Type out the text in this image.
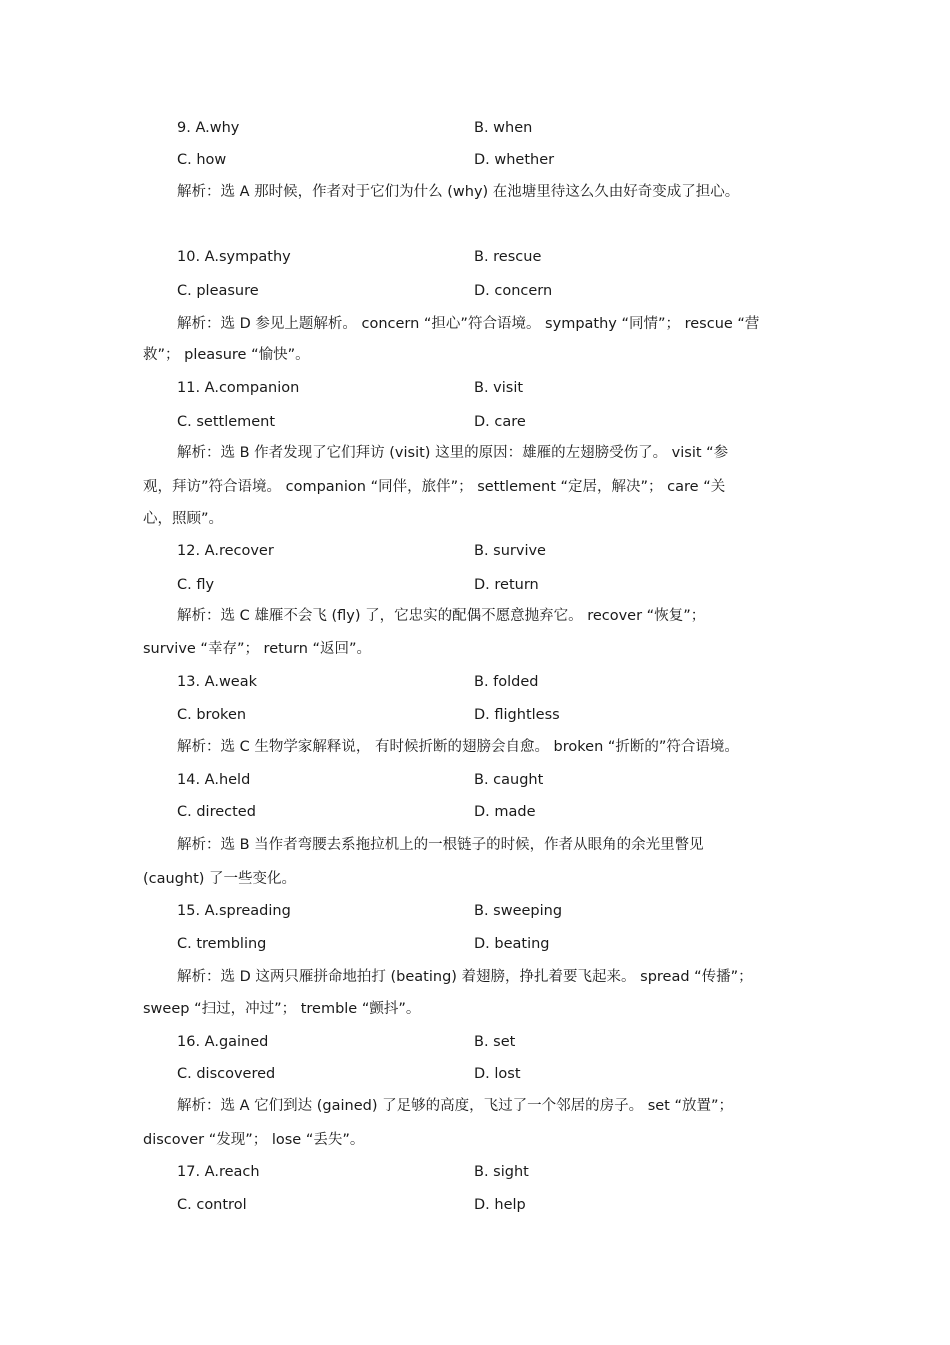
9. A.why	B. when
C. how	D. whether
解析：选 A 那时候，作者对于它们为什么 (why) 在池塘里待这么久由好奇变成了担心。
10. A.sympathy	B. rescue
C. pleasure	D. concern
解析：选 D 参见上题解析。 concern “担心”符合语境。 sympathy “同情”； rescue “营
救”； pleasure “愉快”。
11. A.companion	B. visit
C. settlement	D. care
解析：选 B 作者发现了它们拜访 (visit) 这里的原因：雄雁的左翅膀受伤了。 visit “参
观，拜访”符合语境。 companion “同伴，旅伴”； settlement “定居，解决”； care “关
心，照顾”。
12. A.recover	B. survive
C. fly	D. return
解析：选 C 雄雁不会飞 (fly) 了，它忠实的配偶不愿意抛弃它。 recover “恢复”；
survive “幸存”； return “返回”。
13. A.weak	B. folded
C. broken	D. flightless
解析：选 C 生物学家解释说， 有时候折断的翅膀会自愈。 broken “折断的”符合语境。
14. A.held	B. caught
C. directed	D. made
解析：选 B 当作者弯腰去系拖拉机上的一根链子的时候，作者从眼角的余光里瞥见
(caught) 了一些变化。
15. A.spreading	B. sweeping
C. trembling	D. beating
解析：选 D 这两只雁拼命地拍打 (beating) 着翅膀，挣扎着要飞起来。 spread “传播”；
sweep “扫过，冲过”； tremble “颤抖”。
16. A.gained	B. set
C. discovered	D. lost
解析：选 A 它们到达 (gained) 了足够的高度，飞过了一个邻居的房子。 set “放置”；
discover “发现”； lose “丢失”。
17. A.reach	B. sight
C. control	D. help
